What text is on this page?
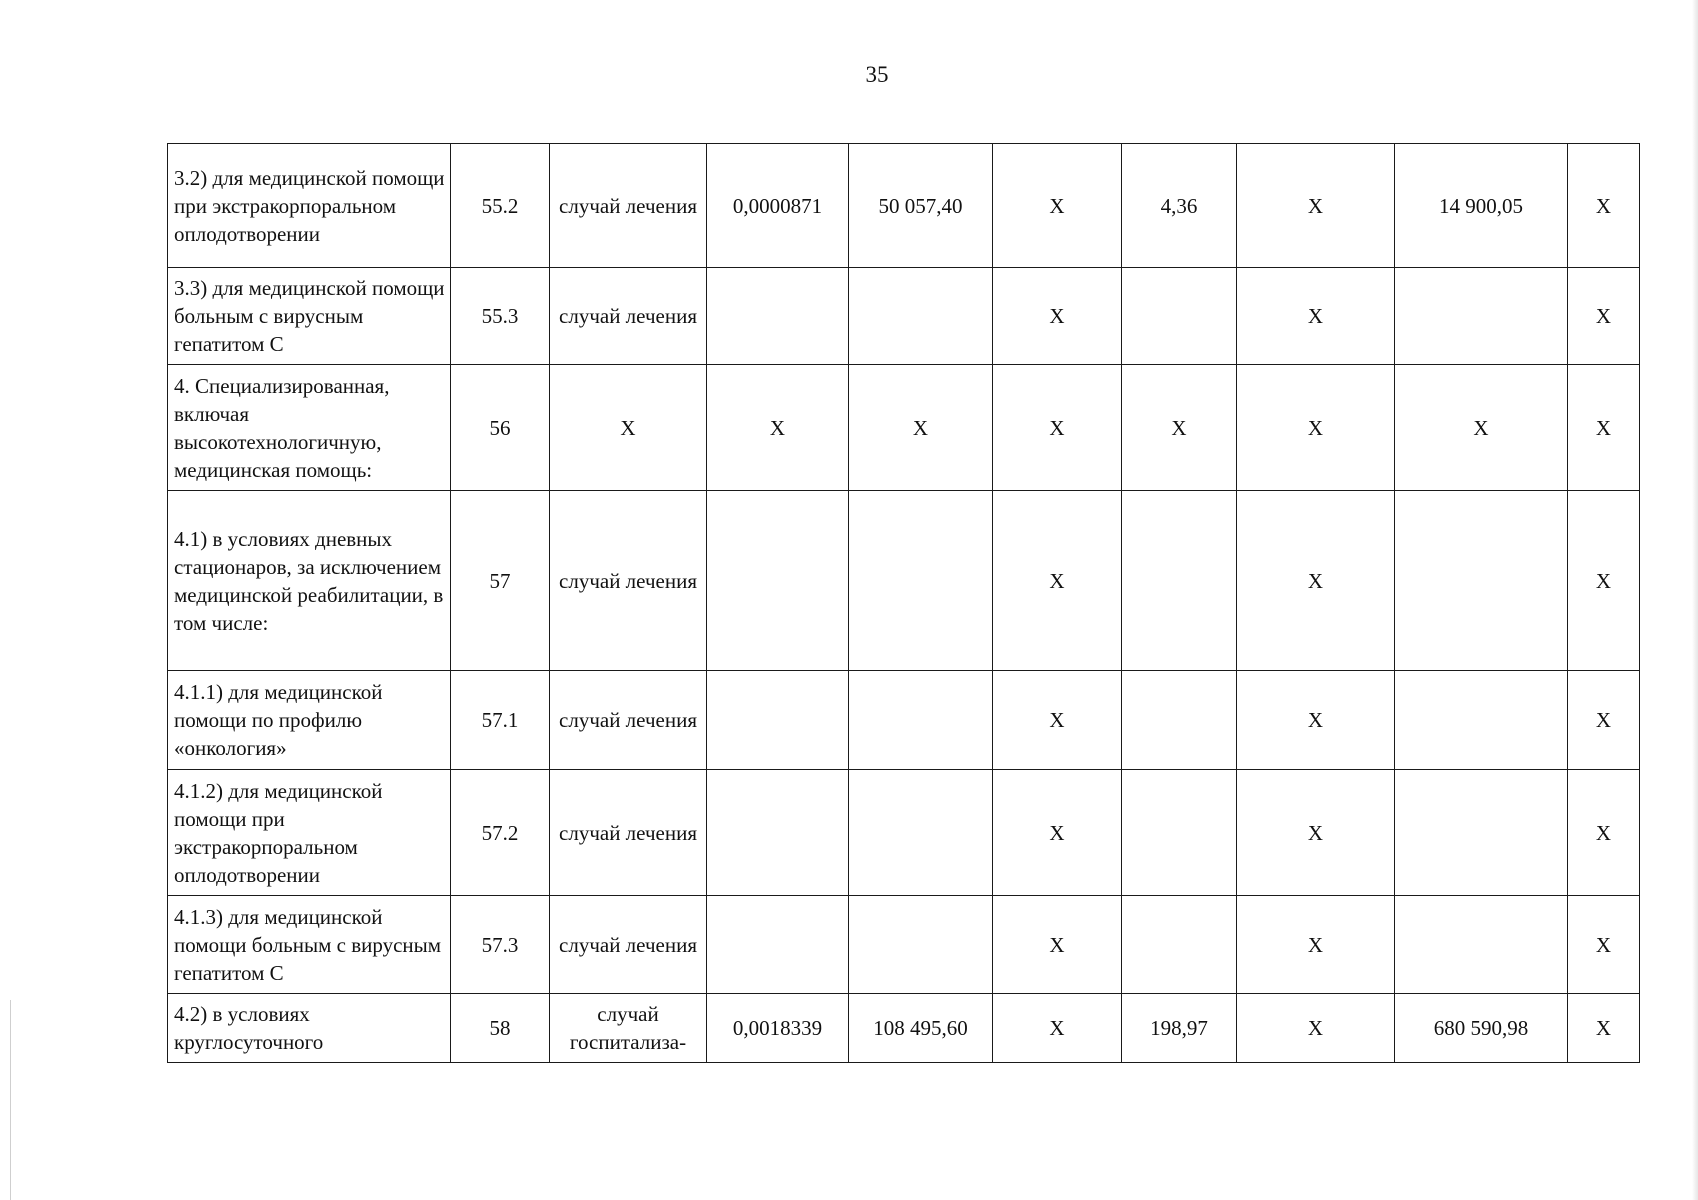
35
3.2) для медицинской помощи при экстракорпоральном оплодотворении	55.2	случай лечения	0,0000871	50 057,40	X	4,36	X	14 900,05	X
3.3) для медицинской помощи больным с вирусным гепатитом С	55.3	случай лечения			X		X		X
4. Специализированная, включая высокотехнологичную, медицинская помощь:	56	X	X	X	X	X	X	X	X
4.1) в условиях дневных стационаров, за исключением медицинской реабилитации, в том числе:	57	случай лечения			X		X		X
4.1.1) для медицинской помощи по профилю «онкология»	57.1	случай лечения			X		X		X
4.1.2) для медицинской помощи при экстракорпоральном оплодотворении	57.2	случай лечения			X		X		X
4.1.3) для медицинской помощи больным с вирусным гепатитом С	57.3	случай лечения			X		X		X
4.2) в условиях круглосуточного	58	случай госпитализа-	0,0018339	108 495,60	X	198,97	X	680 590,98	X
